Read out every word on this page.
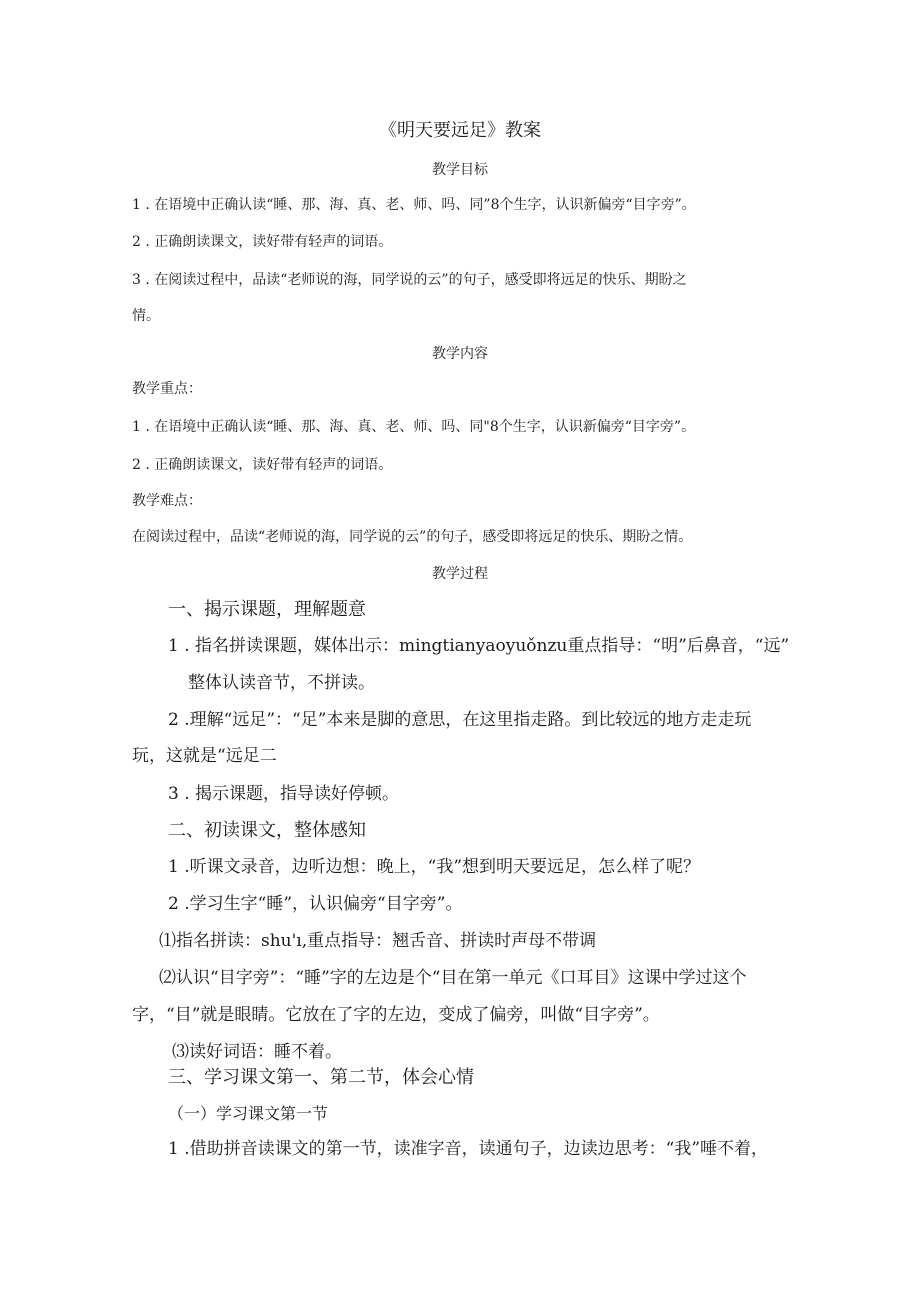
《明天要远足》教案
教学目标
1 . 在语境中正确认读“睡、那、海、真、老、师、吗、同”8个生字，认识新偏旁“目字旁”。
2 . 正确朗读课文，读好带有轻声的词语。
3 . 在阅读过程中，品读“老师说的海，同学说的云”的句子，感受即将远足的快乐、期盼之
情。
教学内容
教学重点：
1 . 在语境中正确认读“睡、那、海、真、老、师、吗、同"8个生字，认识新偏旁“目字旁”。
2 . 正确朗读课文，读好带有轻声的词语。
教学难点：
在阅读过程中，品读“老师说的海，同学说的云”的句子，感受即将远足的快乐、期盼之情。
教学过程
一、揭示课题，理解题意
1 . 指名拼读课题，媒体出示：mingtianyaoyuǒnzu重点指导：“明”后鼻音，“远”
整体认读音节，不拼读。
2 .理解“远足”：“足”本来是脚的意思，在这里指走路。到比较远的地方走走玩
玩，这就是“远足二
3 . 揭示课题，指导读好停顿。
二、初读课文，整体感知
1 .听课文录音，边听边想：晚上，“我”想到明天要远足，怎么样了呢？
2 .学习生字“睡”，认识偏旁“目字旁”。
⑴指名拼读：shu'ı,重点指导：翘舌音、拼读时声母不带调
⑵认识“目字旁”：“睡”字的左边是个“目在第一单元《口耳目》这课中学过这个
字，“目”就是眼睛。它放在了字的左边，变成了偏旁，叫做“目字旁”。
⑶读好词语：睡不着。
三、学习课文第一、第二节，体会心情
（一）学习课文第一节
1 .借助拼音读课文的第一节，读准字音，读通句子，边读边思考：“我”唾不着，
